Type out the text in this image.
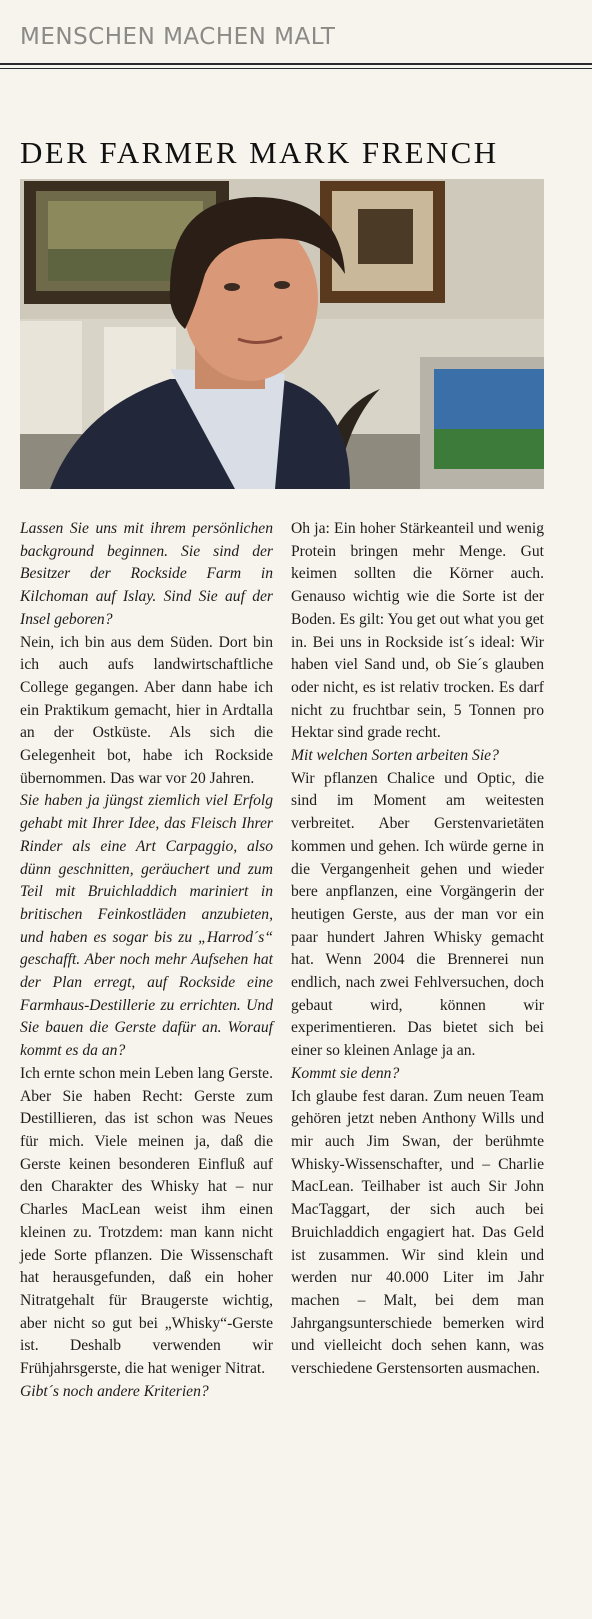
MENSCHEN MACHEN MALT
DER FARMER MARK FRENCH

Lassen Sie uns mit ihrem persönlichen background beginnen. Sie sind der Besitzer der Rockside Farm in Kilchoman auf Islay. Sind Sie auf der Insel geboren?

Nein, ich bin aus dem Süden. Dort bin ich auch aufs landwirtschaftliche College gegangen. Aber dann habe ich ein Praktikum gemacht, hier in Ardtalla an der Ostküste. Als sich die Gelegenheit bot, habe ich Rockside übernommen. Das war vor 20 Jahren.

Sie haben ja jüngst ziemlich viel Erfolg gehabt mit Ihrer Idee, das Fleisch Ihrer Rinder als eine Art Carpaggio, also dünn geschnitten, geräuchert und zum Teil mit Bruichladdich mariniert in britischen Feinkostläden anzubieten, und haben es sogar bis zu „Harrod´s“ geschafft. Aber noch mehr Aufsehen hat der Plan erregt, auf Rockside eine Farmhaus-Destillerie zu errichten. Und Sie bauen die Gerste dafür an. Worauf kommt es da an?

Ich ernte schon mein Leben lang Gerste. Aber Sie haben Recht: Gerste zum Destillieren, das ist schon was Neues für mich. Viele meinen ja, daß die Gerste keinen besonderen Einfluß auf den Charakter des Whisky hat – nur Charles MacLean weist ihm einen kleinen zu. Trotzdem: man kann nicht jede Sorte pflanzen. Die Wissenschaft hat herausgefunden, daß ein hoher Nitratgehalt für Braugerste wichtig, aber nicht so gut bei „Whisky“-Gerste ist. Deshalb verwenden wir Frühjahrsgerste, die hat weniger Nitrat.

Gibt´s noch andere Kriterien?

Oh ja: Ein hoher Stärkeanteil und wenig Protein bringen mehr Menge. Gut keimen sollten die Körner auch. Genauso wichtig wie die Sorte ist der Boden. Es gilt: You get out what you get in. Bei uns in Rockside ist´s ideal: Wir haben viel Sand und, ob Sie´s glauben oder nicht, es ist relativ trocken. Es darf nicht zu fruchtbar sein, 5 Tonnen pro Hektar sind grade recht.

Mit welchen Sorten arbeiten Sie?

Wir pflanzen Chalice und Optic, die sind im Moment am weitesten verbreitet. Aber Gerstenvarietäten kommen und gehen. Ich würde gerne in die Vergangenheit gehen und wieder bere anpflanzen, eine Vorgängerin der heutigen Gerste, aus der man vor ein paar hundert Jahren Whisky gemacht hat. Wenn 2004 die Brennerei nun endlich, nach zwei Fehlversuchen, doch gebaut wird, können wir experimentieren. Das bietet sich bei einer so kleinen Anlage ja an.

Kommt sie denn?

Ich glaube fest daran. Zum neuen Team gehören jetzt neben Anthony Wills und mir auch Jim Swan, der berühmte Whisky-Wissenschafter, und – Charlie MacLean. Teilhaber ist auch Sir John MacTaggart, der sich auch bei Bruichladdich engagiert hat. Das Geld ist zusammen. Wir sind klein und werden nur 40.000 Liter im Jahr machen – Malt, bei dem man Jahrgangsunterschiede bemerken wird und vielleicht doch sehen kann, was verschiedene Gerstensorten ausmachen.
